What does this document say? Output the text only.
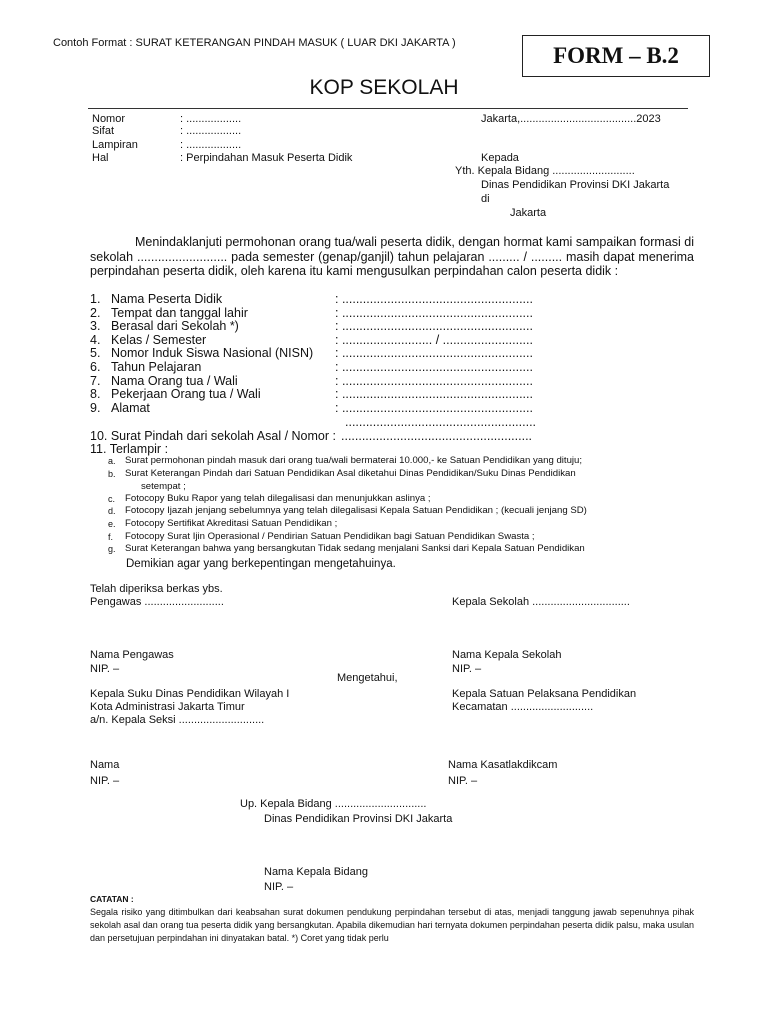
Contoh Format : SURAT KETERANGAN PINDAH MASUK ( LUAR DKI JAKARTA )	FORM – B.2
KOP SEKOLAH
Nomor	: ..................
Sifat	: ..................
Lampiran	: ..................
Hal	: Perpindahan Masuk Peserta Didik
Jakarta,......................................2023
Kepada
Yth. Kepala Bidang ...........................
Dinas Pendidikan Provinsi DKI Jakarta
di
Jakarta
Menindaklanjuti permohonan orang tua/wali peserta didik, dengan hormat kami sampaikan formasi di sekolah .......................... pada semester (genap/ganjil) tahun pelajaran ......... / ......... masih dapat menerima perpindahan peserta didik, oleh karena itu kami mengusulkan perpindahan calon peserta didik :
1. Nama Peserta Didik	: .......................................................
2. Tempat dan tanggal lahir	: .......................................................
3. Berasal dari Sekolah *)	: .......................................................
4. Kelas / Semester	: .......................... / ..........................
5. Nomor Induk Siswa Nasional (NISN) : .......................................................
6. Tahun Pelajaran	: .......................................................
7. Nama Orang tua / Wali	: .......................................................
8. Pekerjaan Orang tua / Wali	: .......................................................
9. Alamat	: .......................................................
.......................................................
10. Surat Pindah dari sekolah Asal / Nomor : .......................................................
11. Terlampir :
a. Surat permohonan pindah masuk dari orang tua/wali bermaterai 10.000,- ke Satuan Pendidikan yang dituju;
b. Surat Keterangan Pindah dari Satuan Pendidikan Asal diketahui Dinas Pendidikan/Suku Dinas Pendidikan
setempat ;
c. Fotocopy Buku Rapor yang telah dilegalisasi dan menunjukkan aslinya ;
d. Fotocopy Ijazah jenjang sebelumnya yang telah dilegalisasi Kepala Satuan Pendidikan ; (kecuali jenjang SD)
e. Fotocopy Sertifikat Akreditasi Satuan Pendidikan ;
f. Fotocopy Surat Ijin Operasional / Pendirian Satuan Pendidikan bagi Satuan Pendidikan Swasta ;
g. Surat Keterangan bahwa yang bersangkutan Tidak sedang menjalani Sanksi dari Kepala Satuan Pendidikan
Demikian agar yang berkepentingan mengetahuinya.
Telah diperiksa berkas ybs.
Pengawas ..........................	Kepala Sekolah ................................
Nama Pengawas
NIP. –
Nama Kepala Sekolah
NIP. –
Mengetahui,
Kepala Suku Dinas Pendidikan Wilayah I
Kota Administrasi Jakarta Timur
a/n. Kepala Seksi ............................
Kepala Satuan Pelaksana Pendidikan
Kecamatan ...........................
Nama
NIP. –
Nama Kasatlakdikcam
NIP. –
Up. Kepala Bidang ..............................
Dinas Pendidikan Provinsi DKI Jakarta
Nama Kepala Bidang
NIP. –
CATATAN :
Segala risiko yang ditimbulkan dari keabsahan surat dokumen pendukung perpindahan tersebut di atas, menjadi tanggung jawab sepenuhnya pihak sekolah asal dan orang tua peserta didik yang bersangkutan. Apabila dikemudian hari ternyata dokumen perpindahan peserta didik palsu, maka usulan dan persetujuan perpindahan ini dinyatakan batal. *) Coret yang tidak perlu
